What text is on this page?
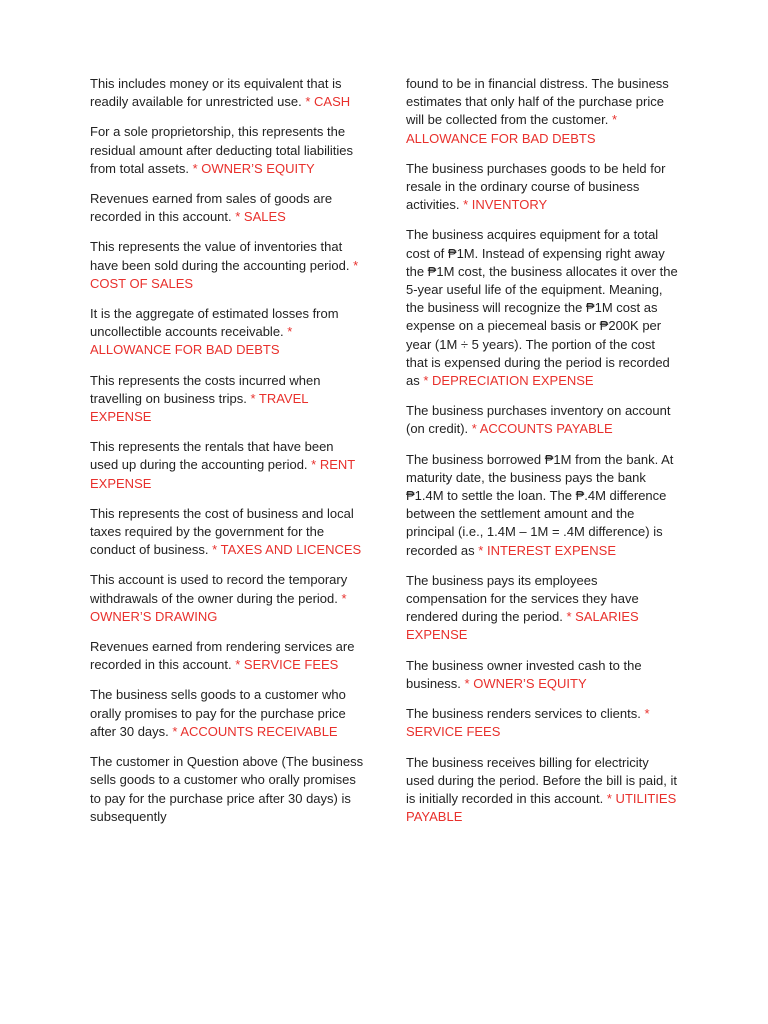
This includes money or its equivalent that is readily available for unrestricted use. * CASH

For a sole proprietorship, this represents the residual amount after deducting total liabilities from total assets. * OWNER’S EQUITY

Revenues earned from sales of goods are recorded in this account. * SALES

This represents the value of inventories that have been sold during the accounting period. * COST OF SALES

It is the aggregate of estimated losses from uncollectible accounts receivable. * ALLOWANCE FOR BAD DEBTS

This represents the costs incurred when travelling on business trips. * TRAVEL EXPENSE

This represents the rentals that have been used up during the accounting period. * RENT EXPENSE

This represents the cost of business and local taxes required by the government for the conduct of business. * TAXES AND LICENCES

This account is used to record the temporary withdrawals of the owner during the period. * OWNER’S DRAWING

Revenues earned from rendering services are recorded in this account. * SERVICE FEES

The business sells goods to a customer who orally promises to pay for the purchase price after 30 days. * ACCOUNTS RECEIVABLE

The customer in Question above (The business sells goods to a customer who orally promises to pay for the purchase price after 30 days) is subsequently

found to be in financial distress. The business estimates that only half of the purchase price will be collected from the customer. * ALLOWANCE FOR BAD DEBTS

The business purchases goods to be held for resale in the ordinary course of business activities. * INVENTORY

The business acquires equipment for a total cost of ₱1M. Instead of expensing right away the ₱1M cost, the business allocates it over the 5-year useful life of the equipment. Meaning, the business will recognize the ₱1M cost as expense on a piecemeal basis or ₱200K per year (1M ÷ 5 years). The portion of the cost that is expensed during the period is recorded as * DEPRECIATION EXPENSE

The business purchases inventory on account (on credit). * ACCOUNTS PAYABLE

The business borrowed ₱1M from the bank. At maturity date, the business pays the bank ₱1.4M to settle the loan. The ₱.4M difference between the settlement amount and the principal (i.e., 1.4M – 1M = .4M difference) is recorded as * INTEREST EXPENSE

The business pays its employees compensation for the services they have rendered during the period. * SALARIES EXPENSE

The business owner invested cash to the business. * OWNER’S EQUITY

The business renders services to clients. * SERVICE FEES

The business receives billing for electricity used during the period. Before the bill is paid, it is initially recorded in this account. * UTILITIES PAYABLE
